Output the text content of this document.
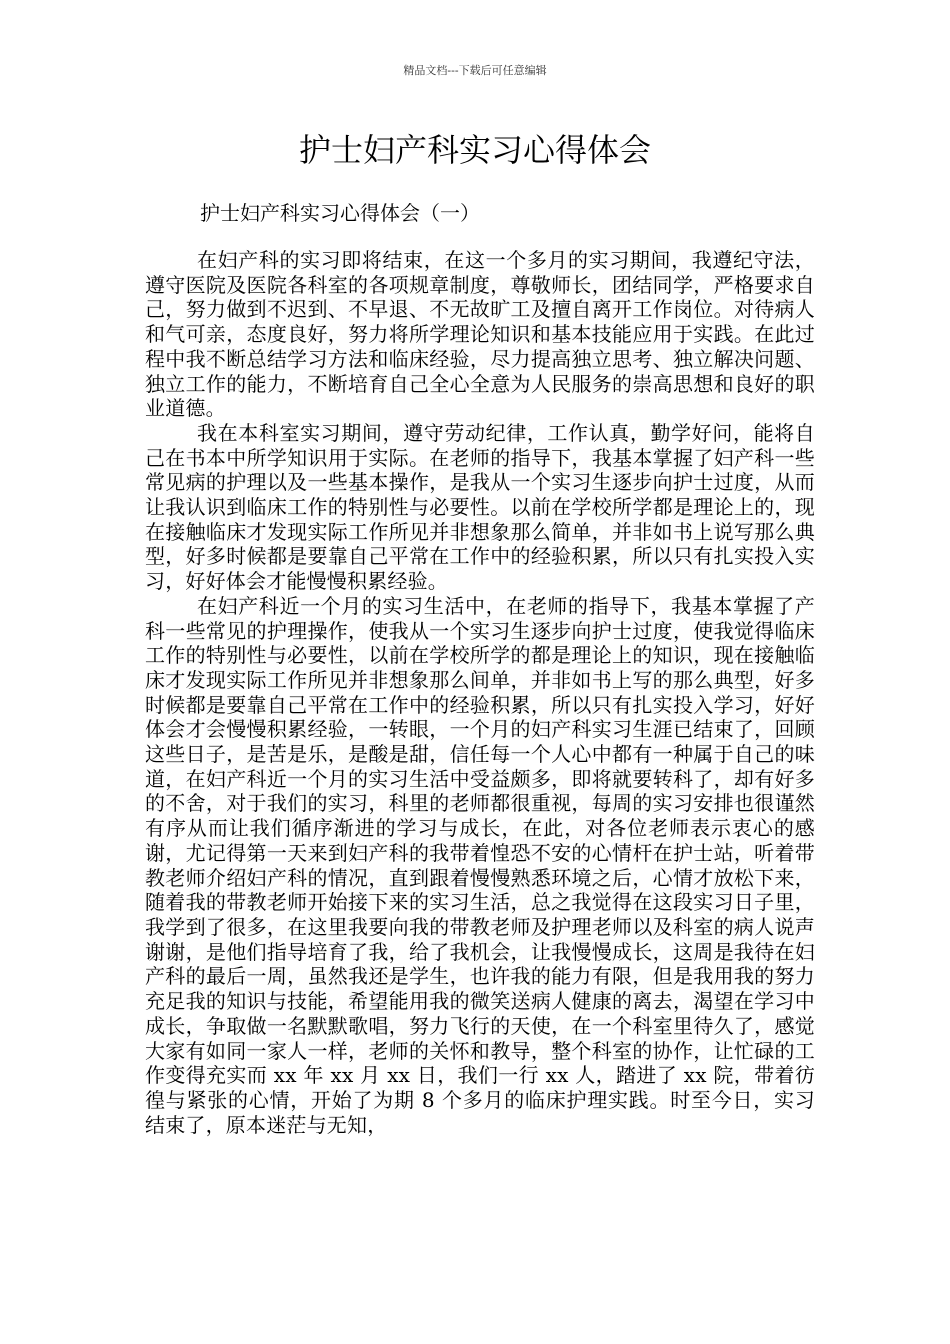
精品文档---下载后可任意编辑
护士妇产科实习心得体会
护士妇产科实习心得体会（一）

在妇产科的实习即将结束，在这一个多月的实习期间，我遵纪守法，遵守医院及医院各科室的各项规章制度，尊敬师长，团结同学，严格要求自己，努力做到不迟到、不早退、不无故旷工及擅自离开工作岗位。对待病人和气可亲，态度良好，努力将所学理论知识和基本技能应用于实践。在此过程中我不断总结学习方法和临床经验，尽力提高独立思考、独立解决问题、独立工作的能力，不断培育自己全心全意为人民服务的崇高思想和良好的职业道德。

我在本科室实习期间，遵守劳动纪律，工作认真，勤学好问，能将自己在书本中所学知识用于实际。在老师的指导下，我基本掌握了妇产科一些常见病的护理以及一些基本操作，是我从一个实习生逐步向护士过度，从而让我认识到临床工作的特别性与必要性。以前在学校所学都是理论上的，现在接触临床才发现实际工作所见并非想象那么简单，并非如书上说写那么典型，好多时候都是要靠自己平常在工作中的经验积累，所以只有扎实投入实习，好好体会才能慢慢积累经验。

在妇产科近一个月的实习生活中，在老师的指导下，我基本掌握了产科一些常见的护理操作，使我从一个实习生逐步向护士过度，使我觉得临床工作的特别性与必要性，以前在学校所学的都是理论上的知识，现在接触临床才发现实际工作所见并非想象那么间单，并非如书上写的那么典型，好多时候都是要靠自己平常在工作中的经验积累，所以只有扎实投入学习，好好体会才会慢慢积累经验，一转眼，一个月的妇产科实习生涯已结束了，回顾这些日子，是苦是乐，是酸是甜，信任每一个人心中都有一种属于自己的味道，在妇产科近一个月的实习生活中受益颇多，即将就要转科了，却有好多的不舍，对于我们的实习，科里的老师都很重视，每周的实习安排也很谨然有序从而让我们循序渐进的学习与成长，在此，对各位老师表示衷心的感谢，尤记得第一天来到妇产科的我带着惶恐不安的心情杆在护士站，听着带教老师介绍妇产科的情况，直到跟着慢慢熟悉环境之后，心情才放松下来，随着我的带教老师开始接下来的实习生活，总之我觉得在这段实习日子里，我学到了很多，在这里我要向我的带教老师及护理老师以及科室的病人说声谢谢，是他们指导培育了我，给了我机会，让我慢慢成长，这周是我待在妇产科的最后一周，虽然我还是学生，也许我的能力有限，但是我用我的努力充足我的知识与技能，希望能用我的微笑送病人健康的离去，渴望在学习中成长，争取做一名默默歌唱，努力飞行的天使，在一个科室里待久了，感觉大家有如同一家人一样，老师的关怀和教导，整个科室的协作，让忙碌的工作变得充实而 xx 年 xx 月 xx 日，我们一行 xx 人，踏进了 xx 院，带着彷徨与紧张的心情，开始了为期 8 个多月的临床护理实践。时至今日，实习结束了，原本迷茫与无知，
